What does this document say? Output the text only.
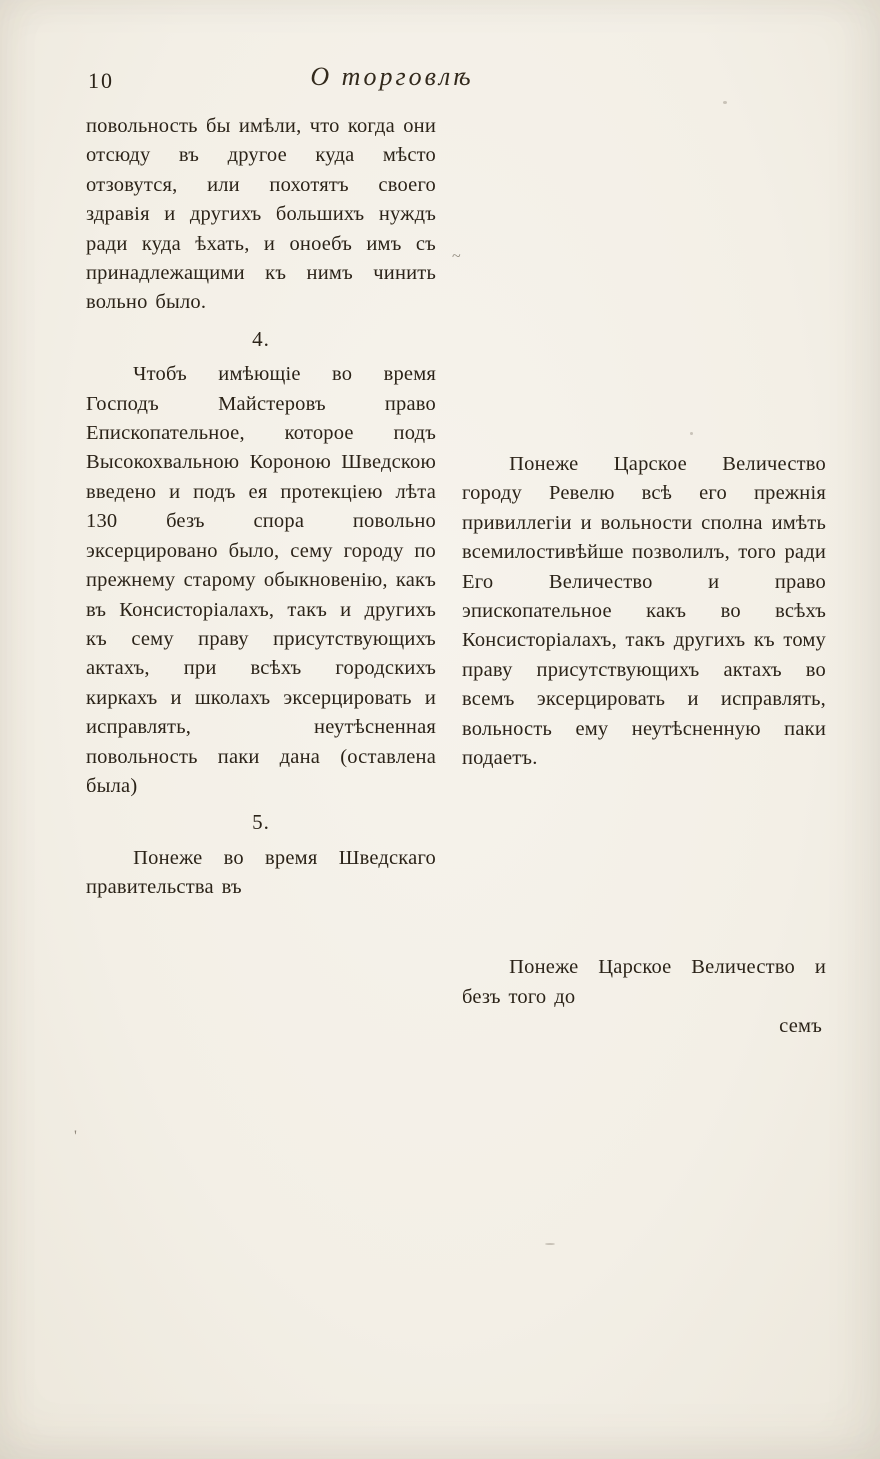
10	О торговлѣ

повольность бы имѣли, что когда они отсюду въ другое куда мѣсто отзовутся, или похотятъ своего здравія и другихъ большихъ нуждъ ради куда ѣхать, и оноебъ имъ съ принадлежащими къ нимъ чинить вольно было.

4.

Чтобъ имѣющіе во время Господъ Майстеровъ право Епископательное, которое подъ Высокохвальною Короною Шведскою введено и подъ ея протекціею лѣта 130 безъ спора повольно эксерцировано было, сему городу по прежнему старому обыкновенію, какъ въ Консисторіалахъ, такъ и другихъ къ сему праву присутствующихъ актахъ, при всѣхъ городскихъ киркахъ и школахъ эксерцировать и исправлять, неутѣсненная повольность паки дана (оставлена была)

5.

Понеже во время Шведскаго правительства въ

Понеже Царское Величество городу Ревелю всѣ его прежнія привиллегіи и вольности сполна имѣть всемилостивѣйше позволилъ, того ради Его Величество и право эпископательное какъ во всѣхъ Консисторіалахъ, такъ другихъ къ тому праву присутствующихъ актахъ во всемъ эксерцировать и исправлять, вольность ему неутѣсненную паки подаетъ.

Понеже Царское Величество и безъ того до

семъ
~
'
